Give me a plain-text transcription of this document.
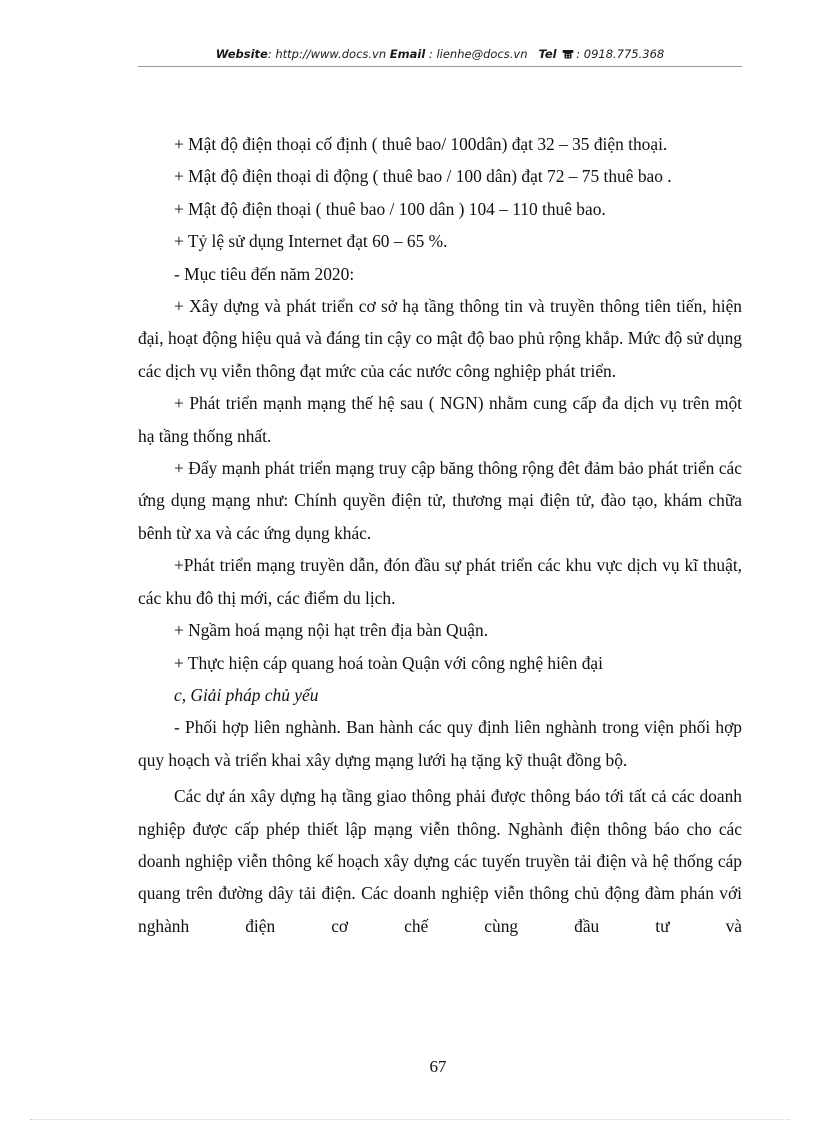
Website: http://www.docs.vn Email : lienhe@docs.vn Tel : 0918.775.368

+ Mật độ điện thoại cố định ( thuê bao/ 100dân) đạt 32 – 35 điện thoại.

+ Mật độ điện thoại di động ( thuê bao / 100 dân) đạt 72 – 75 thuê bao .

+ Mật độ điện thoại ( thuê bao / 100 dân ) 104 – 110 thuê bao.

+ Tỷ lệ sử dụng Internet đạt 60 – 65 %.

- Mục tiêu đến năm 2020:

+ Xây dựng và phát triển cơ sở hạ tầng thông tin và truyền thông tiên tiến, hiện đại, hoạt động hiệu quả và đáng tin cậy co mật độ bao phủ rộng khắp. Mức độ sử dụng các dịch vụ viễn thông đạt mức của các nước công nghiệp phát triển.

+ Phát triển mạnh mạng thế hệ sau ( NGN) nhằm cung cấp đa dịch vụ trên một hạ tầng thống nhất.

+ Đẩy mạnh phát triển mạng truy cập băng thông rộng đêt đảm bảo phát triển các ứng dụng mạng như: Chính quyền điện tử, thương mại điện tử, đào tạo, khám chữa bênh từ xa và các ứng dụng khác.

+Phát triển mạng truyền dẫn, đón đầu sự phát triển các khu vực dịch vụ kĩ thuật, các khu đô thị mới, các điểm du lịch.

+ Ngầm hoá mạng nội hạt trên địa bàn Quận.

+ Thực hiện cáp quang hoá toàn Quận với công nghệ hiên đại

c, Giải pháp chủ yếu

- Phối hợp liên nghành. Ban hành các quy định liên nghành trong viện phối hợp quy hoạch và triển khai xây dựng mạng lưới hạ tặng kỹ thuật đồng bộ.

Các dự án xây dựng hạ tầng giao thông phải được thông báo tới tất cả các doanh nghiệp được cấp phép thiết lập mạng viễn thông. Nghành điện thông báo cho các doanh nghiệp viễn thông kế hoạch xây dựng các tuyến truyền tải điện và hệ thống cáp quang trên đường dây tải điện. Các doanh nghiệp viễn thông chủ động đàm phán với nghành điện cơ chế cùng đầu tư và

67
